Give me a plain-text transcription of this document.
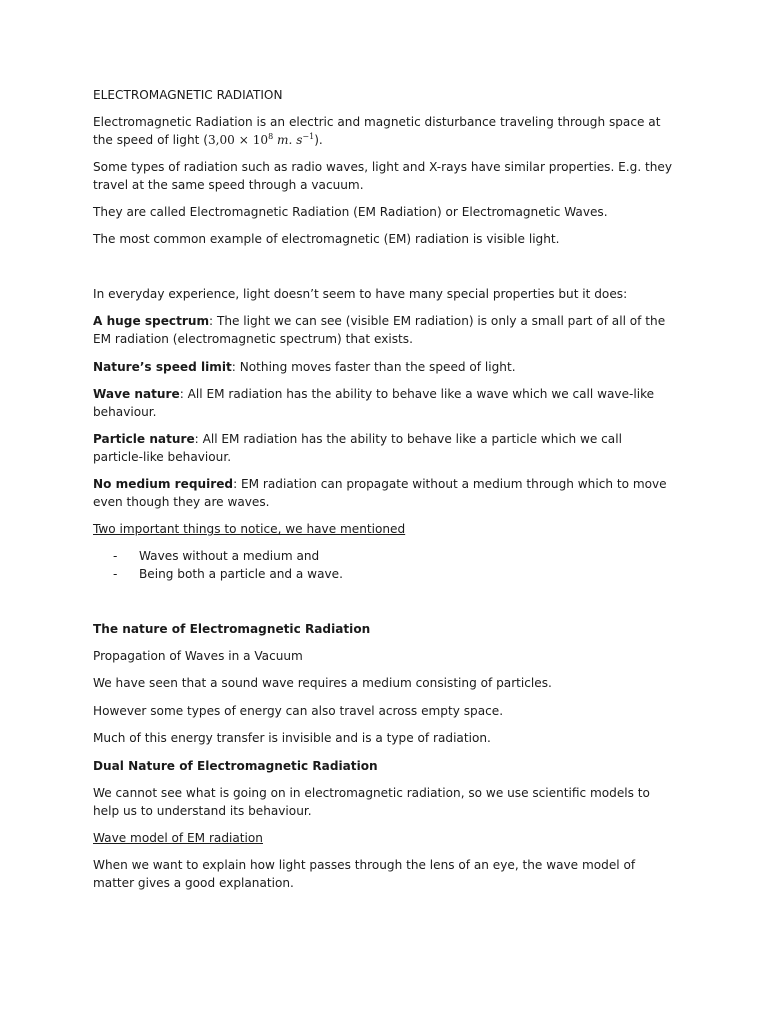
ELECTROMAGNETIC RADIATION

Electromagnetic Radiation is an electric and magnetic disturbance traveling through space at the speed of light ($3,00 \times 10^8$ m. $s^{-1}$).

Some types of radiation such as radio waves, light and X-rays have similar properties. E.g. they travel at the same speed through a vacuum.

They are called Electromagnetic Radiation (EM Radiation) or Electromagnetic Waves.

The most common example of electromagnetic (EM) radiation is visible light.

In everyday experience, light doesn’t seem to have many special properties but it does:

A huge spectrum: The light we can see (visible EM radiation) is only a small part of all of the EM radiation (electromagnetic spectrum) that exists.

Nature’s speed limit: Nothing moves faster than the speed of light.

Wave nature: All EM radiation has the ability to behave like a wave which we call wave-like behaviour.

Particle nature: All EM radiation has the ability to behave like a particle which we call particle-like behaviour.

No medium required: EM radiation can propagate without a medium through which to move even though they are waves.

Two important things to notice, we have mentioned

- Waves without a medium and
- Being both a particle and a wave.

The nature of Electromagnetic Radiation

Propagation of Waves in a Vacuum

We have seen that a sound wave requires a medium consisting of particles.

However some types of energy can also travel across empty space.

Much of this energy transfer is invisible and is a type of radiation.

Dual Nature of Electromagnetic Radiation

We cannot see what is going on in electromagnetic radiation, so we use scientific models to help us to understand its behaviour.

Wave model of EM radiation

When we want to explain how light passes through the lens of an eye, the wave model of matter gives a good explanation.
